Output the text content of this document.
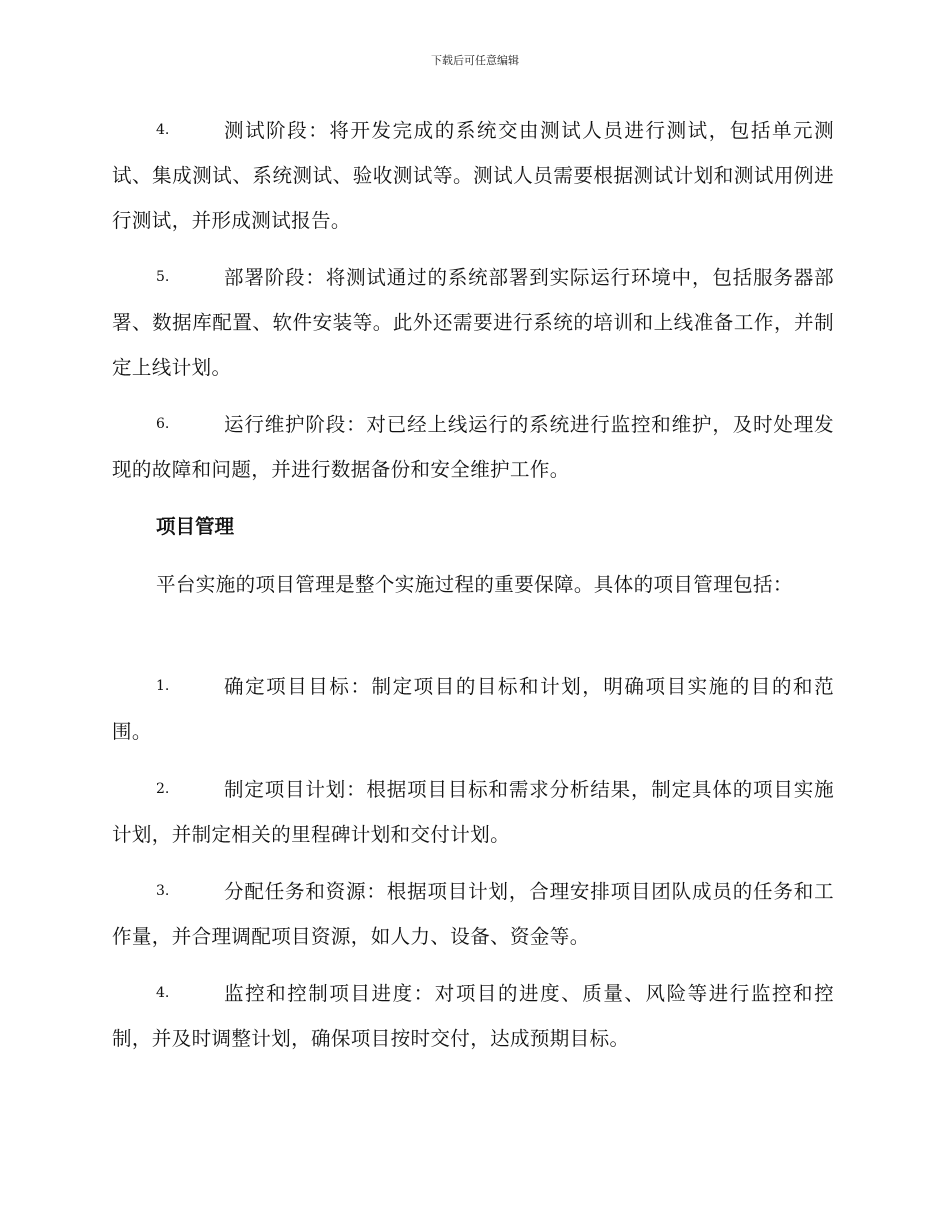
下载后可任意编辑
4.	测试阶段：将开发完成的系统交由测试人员进行测试，包括单元测试、集成测试、系统测试、验收测试等。测试人员需要根据测试计划和测试用例进行测试，并形成测试报告。
5.	部署阶段：将测试通过的系统部署到实际运行环境中，包括服务器部署、数据库配置、软件安装等。此外还需要进行系统的培训和上线准备工作，并制定上线计划。
6.	运行维护阶段：对已经上线运行的系统进行监控和维护，及时处理发现的故障和问题，并进行数据备份和安全维护工作。
项目管理
平台实施的项目管理是整个实施过程的重要保障。具体的项目管理包括：
1.	确定项目目标：制定项目的目标和计划，明确项目实施的目的和范围。
2.	制定项目计划：根据项目目标和需求分析结果，制定具体的项目实施计划，并制定相关的里程碑计划和交付计划。
3.	分配任务和资源：根据项目计划，合理安排项目团队成员的任务和工作量，并合理调配项目资源，如人力、设备、资金等。
4.	监控和控制项目进度：对项目的进度、质量、风险等进行监控和控制，并及时调整计划，确保项目按时交付，达成预期目标。
